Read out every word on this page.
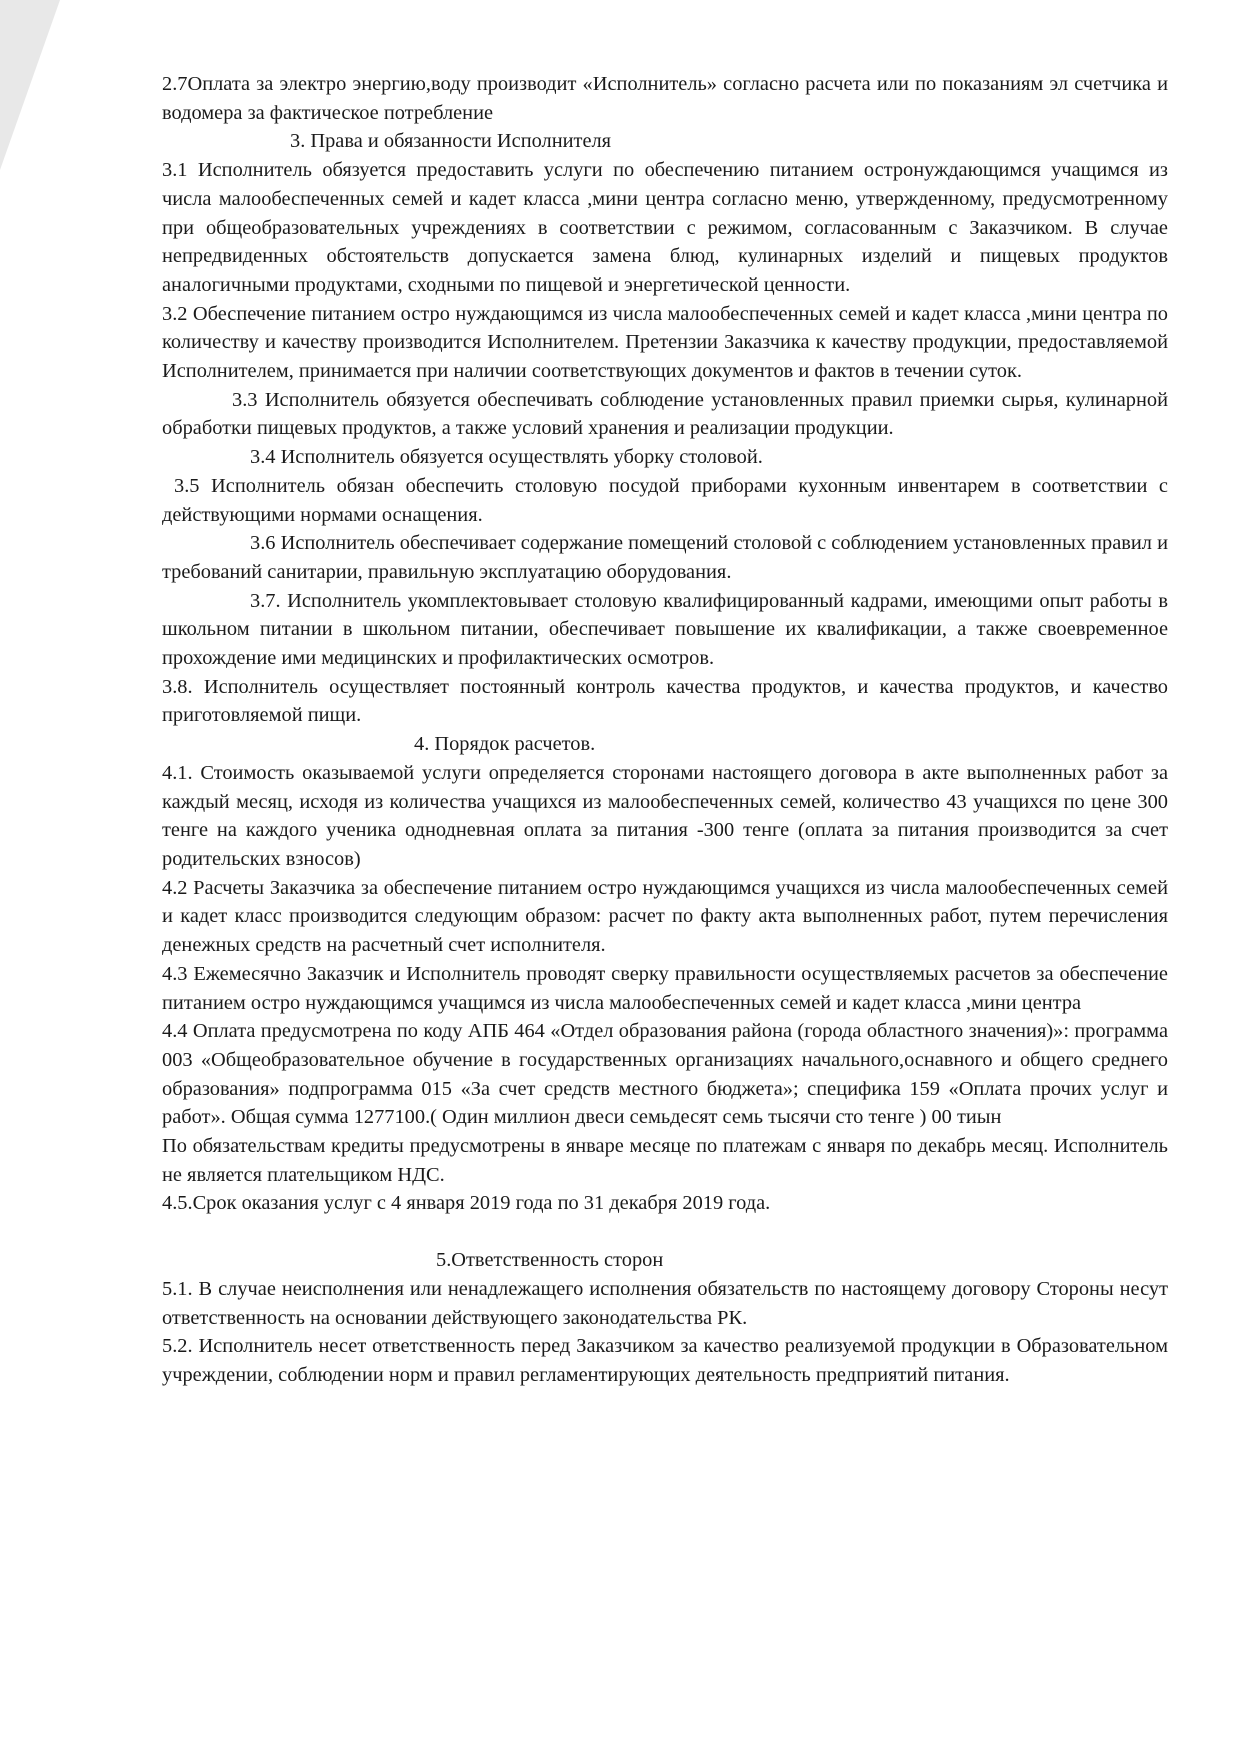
2.7Оплата за электро энергию,воду производит «Исполнитель» согласно расчета или по показаниям эл счетчика и водомера за фактическое потребление

3. Права и обязанности Исполнителя

3.1 Исполнитель обязуется предоставить услуги по обеспечению питанием остронуждающимся учащимся из числа малообеспеченных семей и кадет класса ,мини центра согласно меню, утвержденному, предусмотренному при общеобразовательных учреждениях в соответствии с режимом, согласованным с Заказчиком. В случае непредвиденных обстоятельств допускается замена блюд, кулинарных изделий и пищевых продуктов аналогичными продуктами, сходными по пищевой и энергетической ценности.

3.2 Обеспечение питанием остро нуждающимся из числа малообеспеченных семей и кадет класса ,мини центра по количеству и качеству производится Исполнителем. Претензии Заказчика к качеству продукции, предоставляемой Исполнителем, принимается при наличии соответствующих документов и фактов в течении суток.

3.3 Исполнитель обязуется обеспечивать соблюдение установленных правил приемки сырья, кулинарной обработки пищевых продуктов, а также условий хранения и реализации продукции.

3.4 Исполнитель обязуется осуществлять уборку столовой.

3.5 Исполнитель обязан обеспечить столовую посудой приборами кухонным инвентарем в соответствии с действующими нормами оснащения.

3.6 Исполнитель обеспечивает содержание помещений столовой с соблюдением установленных правил и требований санитарии, правильную эксплуатацию оборудования.

3.7. Исполнитель укомплектовывает столовую квалифицированный кадрами, имеющими опыт работы в школьном питании в школьном питании, обеспечивает повышение их квалификации, а также своевременное прохождение ими медицинских и профилактических осмотров.

3.8. Исполнитель осуществляет постоянный контроль качества продуктов, и качества продуктов, и качество приготовляемой пищи.

4. Порядок расчетов.

4.1. Стоимость оказываемой услуги определяется сторонами настоящего договора в акте выполненных работ за каждый месяц, исходя из количества учащихся из малообеспеченных семей, количество 43 учащихся по цене 300 тенге на каждого ученика однодневная оплата за питания -300 тенге (оплата за питания производится за счет родительских взносов)

4.2 Расчеты Заказчика за обеспечение питанием остро нуждающимся учащихся из числа малообеспеченных семей и кадет класс производится следующим образом: расчет по факту акта выполненных работ, путем перечисления денежных средств на расчетный счет исполнителя.

4.3 Ежемесячно Заказчик и Исполнитель проводят сверку правильности осуществляемых расчетов за обеспечение питанием остро нуждающимся учащимся из числа малообеспеченных семей и кадет класса ,мини центра

4.4 Оплата предусмотрена по коду АПБ 464 «Отдел образования района (города областного значения)»: программа 003 «Общеобразовательное обучение в государственных организациях начального,оснавного и общего среднего образования» подпрограмма 015 «За счет средств местного бюджета»; специфика 159 «Оплата прочих услуг и работ». Общая сумма 1277100.( Один миллион двеси семьдесят семь тысячи сто тенге ) 00 тиын

По обязательствам кредиты предусмотрены в январе месяце по платежам с января по декабрь месяц. Исполнитель не является плательщиком НДС.

4.5.Срок оказания услуг с 4 января 2019 года по 31 декабря 2019 года.

5.Ответственность сторон

5.1. В случае неисполнения или ненадлежащего исполнения обязательств по настоящему договору Стороны несут ответственность на основании действующего законодательства РК.

5.2. Исполнитель несет ответственность перед Заказчиком за качество реализуемой продукции в Образовательном учреждении, соблюдении норм и правил регламентирующих деятельность предприятий питания.
